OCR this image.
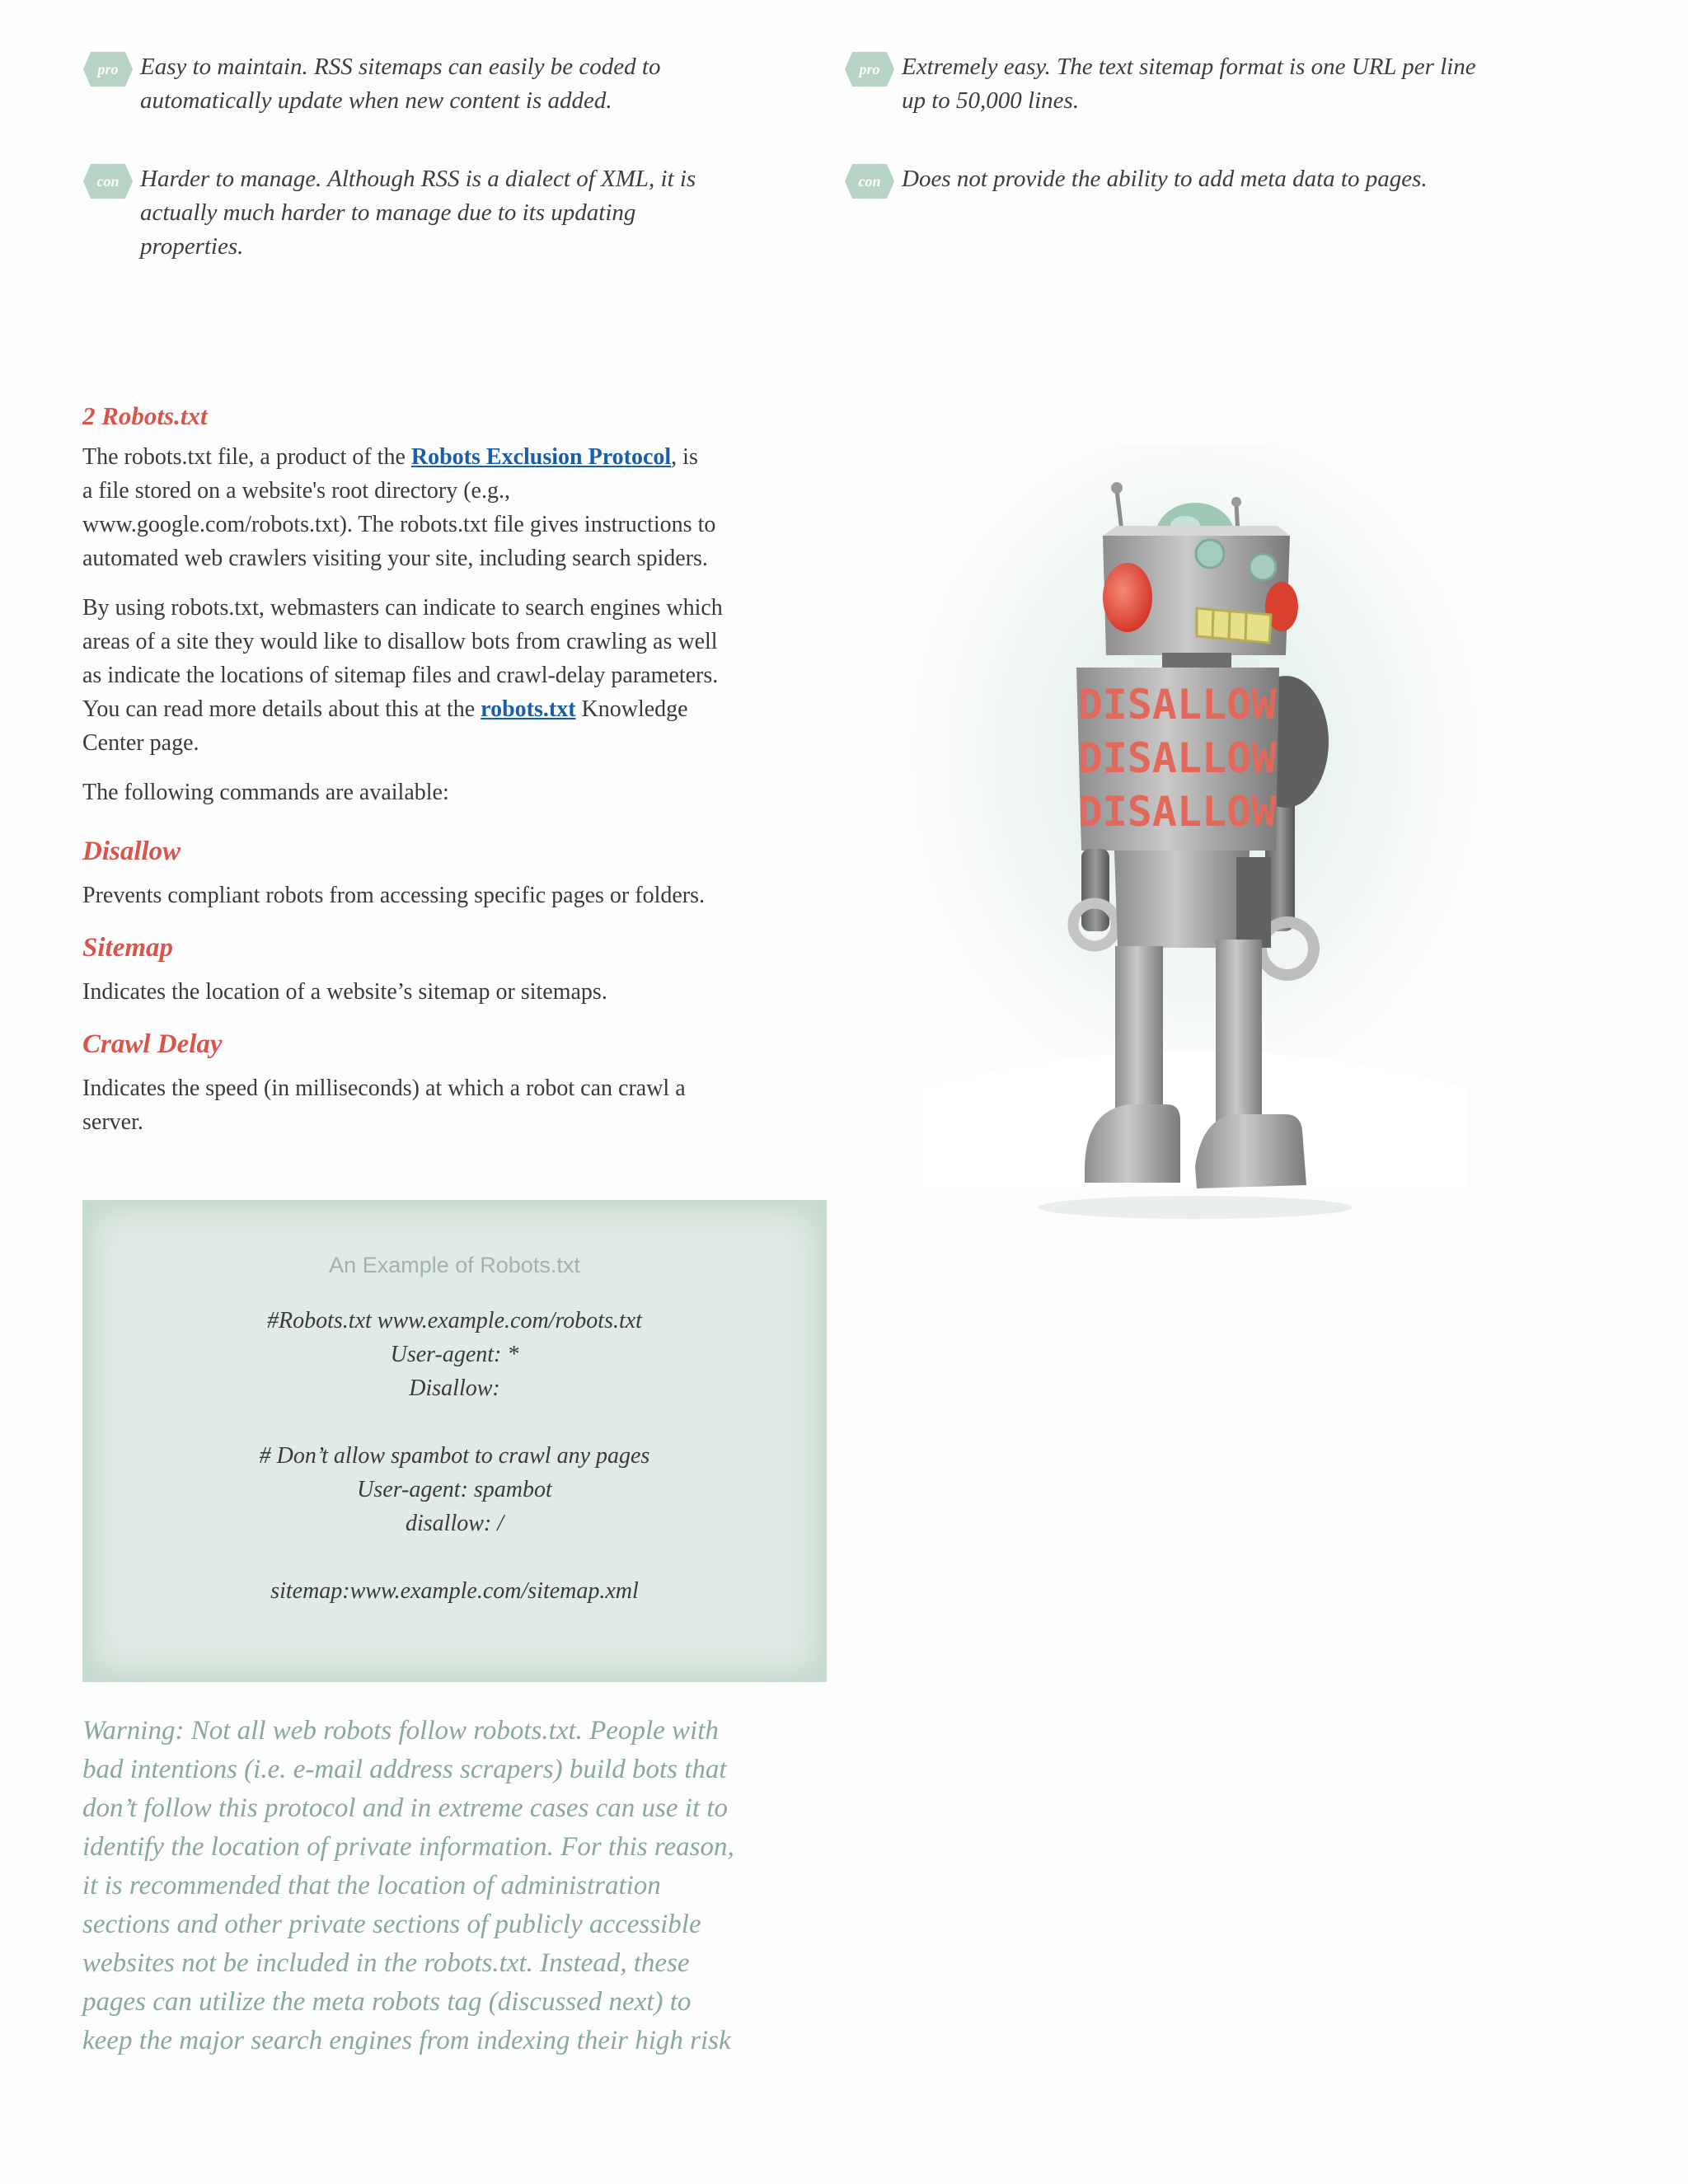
pro Easy to maintain. RSS sitemaps can easily be coded to
automatically update when new content is added.
con Harder to manage. Although RSS is a dialect of XML, it is
actually much harder to manage due to its updating
properties.
pro Extremely easy. The text sitemap format is one URL per line
up to 50,000 lines.
con Does not provide the ability to add meta data to pages.
2 Robots.txt

The robots.txt file, a product of the Robots Exclusion Protocol, is

a file stored on a website's root directory (e.g.,

www.google.com/robots.txt). The robots.txt file gives instructions to

automated web crawlers visiting your site, including search spiders.

By using robots.txt, webmasters can indicate to search engines which

areas of a site they would like to disallow bots from crawling as well

as indicate the locations of sitemap files and crawl-delay parameters.

You can read more details about this at the robots.txt Knowledge

Center page.

The following commands are available:

Disallow

Prevents compliant robots from accessing specific pages or folders.

Sitemap

Indicates the location of a website’s sitemap or sitemaps.

Crawl Delay

Indicates the speed (in milliseconds) at which a robot can crawl a

server.

An Example of Robots.txt
#Robots.txt www.example.com/robots.txt
User-agent: *
Disallow:
# Don’t allow spambot to crawl any pages
User-agent: spambot
disallow: /
sitemap:www.example.com/sitemap.xml
Warning: Not all web robots follow robots.txt. People with
bad intentions (i.e. e-mail address scrapers) build bots that
don’t follow this protocol and in extreme cases can use it to
identify the location of private information. For this reason,
it is recommended that the location of administration
sections and other private sections of publicly accessible
websites not be included in the robots.txt. Instead, these
pages can utilize the meta robots tag (discussed next) to
keep the major search engines from indexing their high risk
DISALLOW
DISALLOW
DISALLOW
